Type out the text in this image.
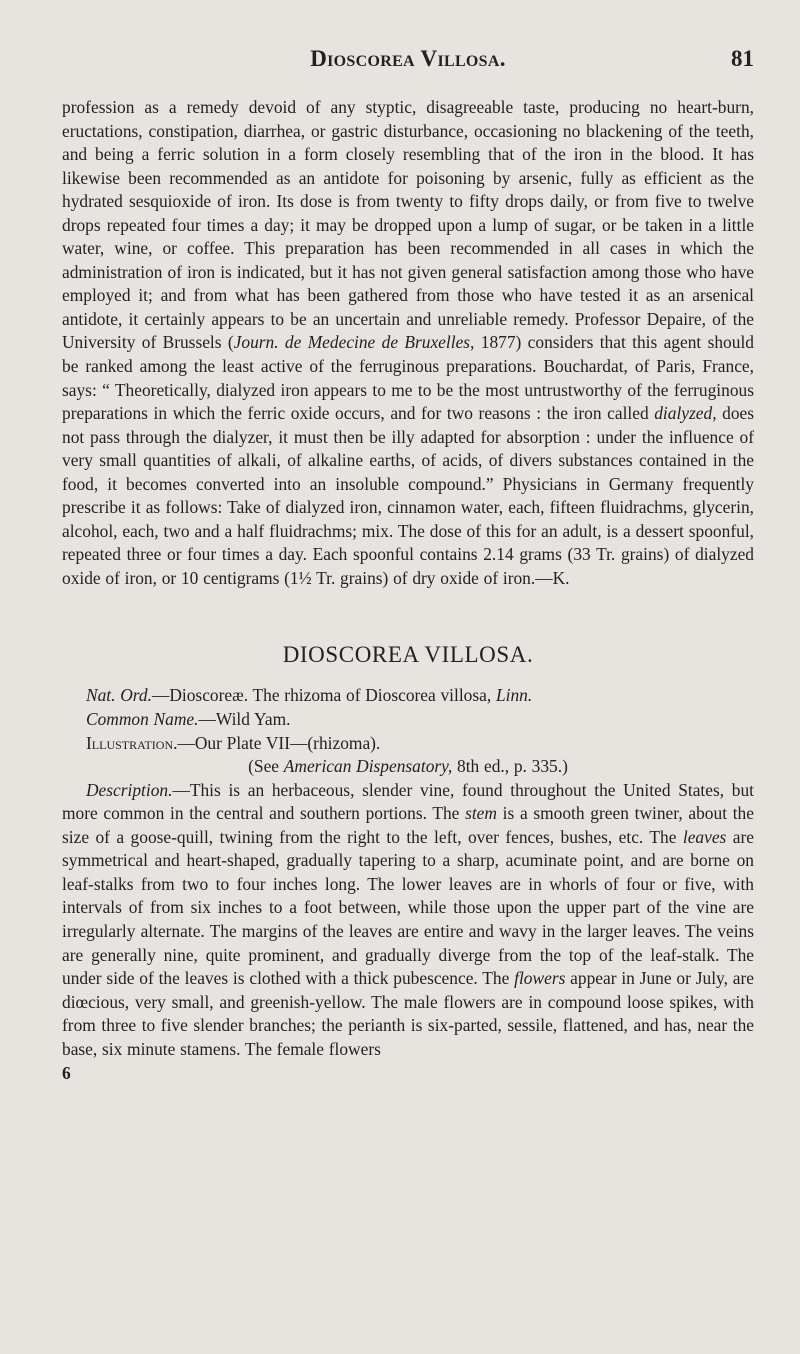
Dioscorea Villosa.	81

profession as a remedy devoid of any styptic, disagreeable taste, producing no heart-burn, eructations, constipation, diarrhea, or gastric disturbance, occasioning no blackening of the teeth, and being a ferric solution in a form closely resembling that of the iron in the blood. It has likewise been recommended as an antidote for poisoning by arsenic, fully as efficient as the hydrated sesquioxide of iron. Its dose is from twenty to fifty drops daily, or from five to twelve drops repeated four times a day; it may be dropped upon a lump of sugar, or be taken in a little water, wine, or coffee. This preparation has been recommended in all cases in which the administration of iron is indicated, but it has not given general satisfaction among those who have employed it; and from what has been gathered from those who have tested it as an arsenical antidote, it certainly appears to be an uncertain and unreliable remedy. Professor Depaire, of the University of Brussels (Journ. de Medecine de Bruxelles, 1877) considers that this agent should be ranked among the least active of the ferruginous preparations. Bouchardat, of Paris, France, says: “ Theoretically, dialyzed iron appears to me to be the most untrustworthy of the ferruginous preparations in which the ferric oxide occurs, and for two reasons : the iron called dialyzed, does not pass through the dialyzer, it must then be illy adapted for absorption : under the influence of very small quantities of alkali, of alkaline earths, of acids, of divers substances contained in the food, it becomes converted into an insoluble compound.” Physicians in Germany frequently prescribe it as follows: Take of dialyzed iron, cinnamon water, each, fifteen fluidrachms, glycerin, alcohol, each, two and a half fluidrachms; mix. The dose of this for an adult, is a dessert spoonful, repeated three or four times a day. Each spoonful contains 2.14 grams (33 Tr. grains) of dialyzed oxide of iron, or 10 centigrams (1½ Tr. grains) of dry oxide of iron.—K.

DIOSCOREA VILLOSA.

Nat. Ord.—Dioscoreæ. The rhizoma of Dioscorea villosa, Linn.

Common Name.—Wild Yam.

Illustration.—Our Plate VII—(rhizoma).

(See American Dispensatory, 8th ed., p. 335.)

Description.—This is an herbaceous, slender vine, found throughout the United States, but more common in the central and southern portions. The stem is a smooth green twiner, about the size of a goose-quill, twining from the right to the left, over fences, bushes, etc. The leaves are symmetrical and heart-shaped, gradually tapering to a sharp, acuminate point, and are borne on leaf-stalks from two to four inches long. The lower leaves are in whorls of four or five, with intervals of from six inches to a foot between, while those upon the upper part of the vine are irregularly alternate. The margins of the leaves are entire and wavy in the larger leaves. The veins are generally nine, quite prominent, and gradually diverge from the top of the leaf-stalk. The under side of the leaves is clothed with a thick pubescence. The flowers appear in June or July, are diœcious, very small, and greenish-yellow. The male flowers are in compound loose spikes, with from three to five slender branches; the perianth is six-parted, sessile, flattened, and has, near the base, six minute stamens. The female flowers

6
